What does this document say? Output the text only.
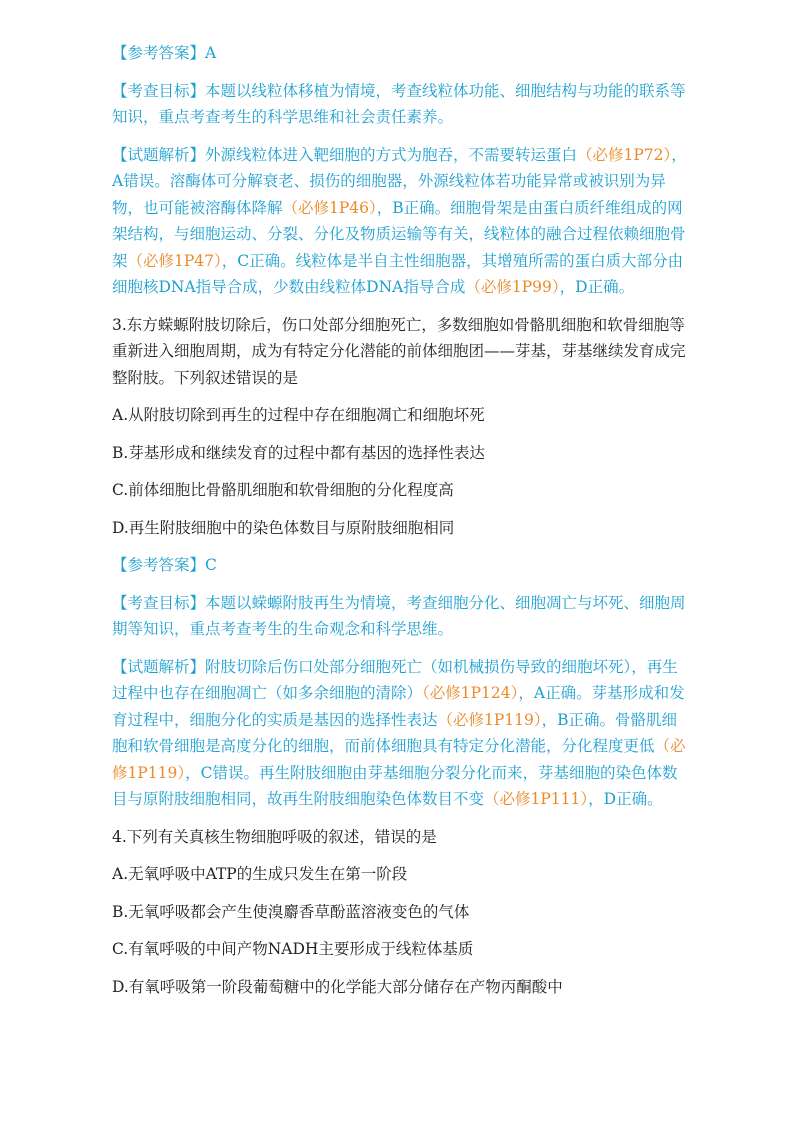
【参考答案】A

【考查目标】本题以线粒体移植为情境，考查线粒体功能、细胞结构与功能的联系等知识，重点考查考生的科学思维和社会责任素养。

【试题解析】外源线粒体进入靶细胞的方式为胞吞，不需要转运蛋白（必修1P72），A错误。溶酶体可分解衰老、损伤的细胞器，外源线粒体若功能异常或被识别为异物，也可能被溶酶体降解（必修1P46），B正确。细胞骨架是由蛋白质纤维组成的网架结构，与细胞运动、分裂、分化及物质运输等有关，线粒体的融合过程依赖细胞骨架（必修1P47），C正确。线粒体是半自主性细胞器，其增殖所需的蛋白质大部分由细胞核DNA指导合成，少数由线粒体DNA指导合成（必修1P99），D正确。

3.东方蝾螈附肢切除后，伤口处部分细胞死亡，多数细胞如骨骼肌细胞和软骨细胞等重新进入细胞周期，成为有特定分化潜能的前体细胞团——芽基，芽基继续发育成完整附肢。下列叙述错误的是

A.从附肢切除到再生的过程中存在细胞凋亡和细胞坏死

B.芽基形成和继续发育的过程中都有基因的选择性表达

C.前体细胞比骨骼肌细胞和软骨细胞的分化程度高

D.再生附肢细胞中的染色体数目与原附肢细胞相同

【参考答案】C

【考查目标】本题以蝾螈附肢再生为情境，考查细胞分化、细胞凋亡与坏死、细胞周期等知识，重点考查考生的生命观念和科学思维。

【试题解析】附肢切除后伤口处部分细胞死亡（如机械损伤导致的细胞坏死），再生过程中也存在细胞凋亡（如多余细胞的清除）（必修1P124），A正确。芽基形成和发育过程中，细胞分化的实质是基因的选择性表达（必修1P119），B正确。骨骼肌细胞和软骨细胞是高度分化的细胞，而前体细胞具有特定分化潜能，分化程度更低（必修1P119），C错误。再生附肢细胞由芽基细胞分裂分化而来，芽基细胞的染色体数目与原附肢细胞相同，故再生附肢细胞染色体数目不变（必修1P111），D正确。

4.下列有关真核生物细胞呼吸的叙述，错误的是

A.无氧呼吸中ATP的生成只发生在第一阶段

B.无氧呼吸都会产生使溴麝香草酚蓝溶液变色的气体

C.有氧呼吸的中间产物NADH主要形成于线粒体基质

D.有氧呼吸第一阶段葡萄糖中的化学能大部分储存在产物丙酮酸中
